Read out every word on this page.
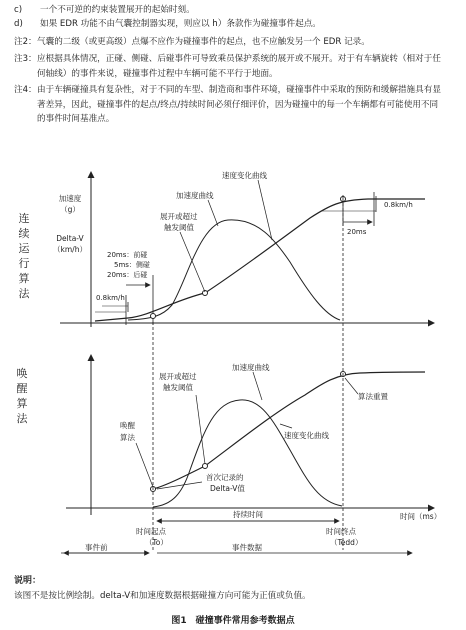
c) 一个不可逆的约束装置展开的起始时刻。
d) 如果 EDR 功能不由气囊控制器实现，则应以 h）条款作为碰撞事件起点。
注2：气囊的二级（或更高级）点爆不应作为碰撞事件的起点，也不应触发另一个 EDR 记录。
注3：应根据具体情况，正碰、侧碰、后碰事件可导致乘员保护系统的展开或不展开。对于有车辆旋转（相对于任
何轴线）的事件来说，碰撞事件过程中车辆可能不平行于地面。
注4：由于车辆碰撞具有复杂性，对于不同的车型、制造商和事件环境，碰撞事件中采取的预防和缓解措施具有显
著差异，因此，碰撞事件的起点/终点/持续时间必须仔细评价，因为碰撞中的每一个车辆都有可能使用不同
的事件时间基准点。
连
续
运
行
算
法
唤
醒
算
法
加速度
（g）
Delta-V
（km/h）
20ms：前碰
5ms：侧碰
20ms：后碰
0.8km/h
速度变化曲线
加速度曲线
展开或超过
触发阈值
0.8km/h
20ms
加速度曲线
展开或超过
触发阈值
唤醒
算法	速度变化曲线
算法重置
首次记录的
Delta-V值
持续时间	时间（ms）
时间起点
（To）
时间终点
（Tedd）
事件前	事件数据
说明：
该图不是按比例绘制。delta-V和加速度数据根据碰撞方向可能为正值或负值。
图1　碰撞事件常用参考数据点
